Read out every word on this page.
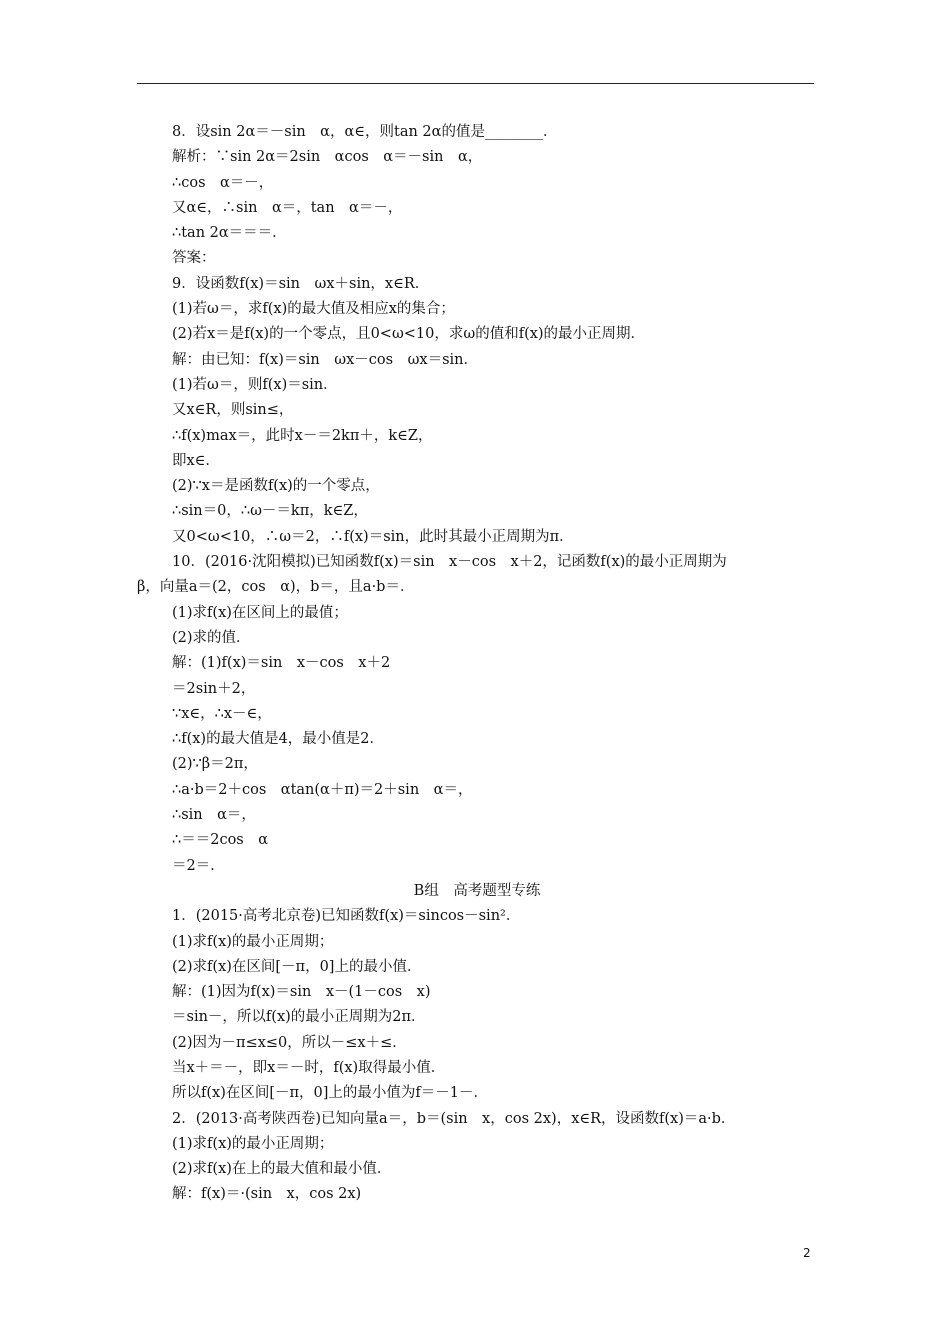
8．设sin 2α＝－sin　α，α∈，则tan 2α的值是________．
解析：∵sin 2α＝2sin　αcos　α＝－sin　α，
∴cos　α＝－，
又α∈，∴sin　α＝，tan　α＝－，
∴tan 2α＝＝＝．
答案：
9．设函数f(x)＝sin　ωx＋sin，x∈R．
(1)若ω＝，求f(x)的最大值及相应x的集合；
(2)若x＝是f(x)的一个零点，且0<ω<10，求ω的值和f(x)的最小正周期．
解：由已知：f(x)＝sin　ωx－cos　ωx＝sin．
(1)若ω＝，则f(x)＝sin．
又x∈R，则sin≤，
∴f(x)max＝，此时x－＝2kπ＋，k∈Z，
即x∈．
(2)∵x＝是函数f(x)的一个零点，
∴sin＝0，∴ω－＝kπ，k∈Z，
又0<ω<10，∴ω＝2，∴f(x)＝sin，此时其最小正周期为π．
10．(2016·沈阳模拟)已知函数f(x)＝sin　x－cos　x＋2，记函数f(x)的最小正周期为
β，向量a＝(2，cos　α)，b＝，且a·b＝．
(1)求f(x)在区间上的最值；
(2)求的值．
解：(1)f(x)＝sin　x－cos　x＋2
＝2sin＋2，
∵x∈，∴x－∈，
∴f(x)的最大值是4，最小值是2．
(2)∵β＝2π，
∴a·b＝2＋cos　αtan(α＋π)＝2＋sin　α＝，
∴sin　α＝，
∴＝＝2cos　α
＝2＝．
B组　高考题型专练
1．(2015·高考北京卷)已知函数f(x)＝sincos－sin²．
(1)求f(x)的最小正周期；
(2)求f(x)在区间[－π，0]上的最小值．
解：(1)因为f(x)＝sin　x－(1－cos　x)
＝sin－，所以f(x)的最小正周期为2π．
(2)因为－π≤x≤0，所以－≤x＋≤．
当x＋＝－，即x＝－时，f(x)取得最小值．
所以f(x)在区间[－π，0]上的最小值为f＝－1－．
2．(2013·高考陕西卷)已知向量a＝，b＝(sin　x，cos 2x)，x∈R，设函数f(x)＝a·b．
(1)求f(x)的最小正周期；
(2)求f(x)在上的最大值和最小值．
解：f(x)＝·(sin　x，cos 2x)
2
